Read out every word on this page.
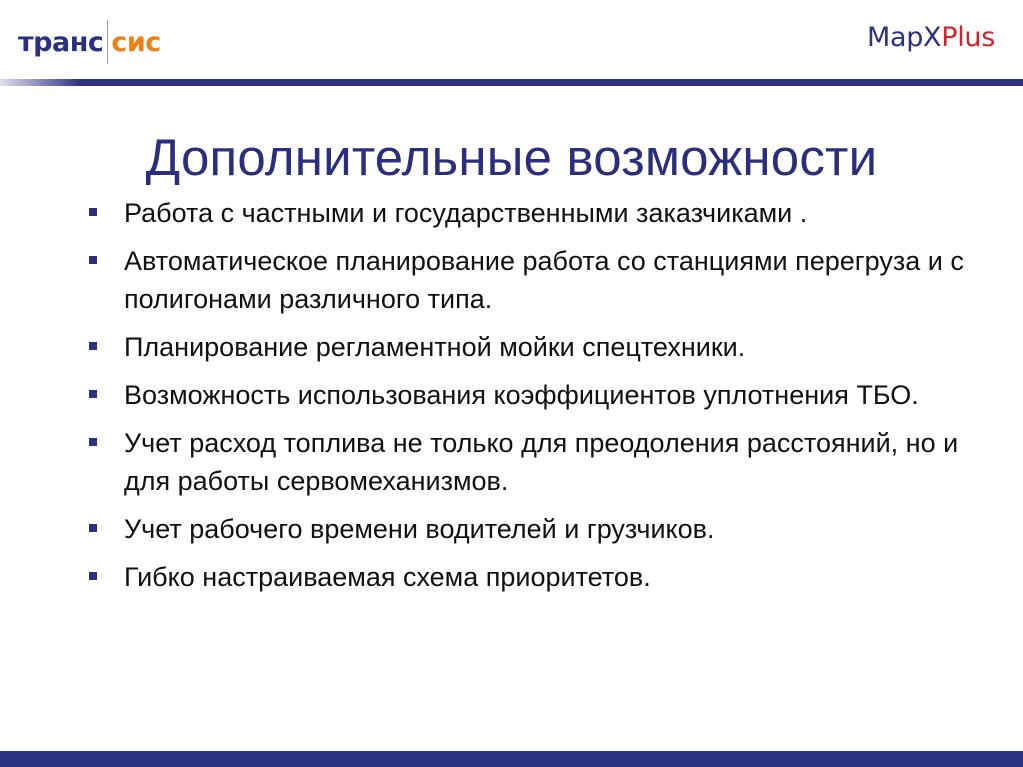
транс сис	MapXPlus
Дополнительные возможности
Работа с частными и государственными заказчиками .
Автоматическое планирование работа со станциями перегруза и с полигонами различного типа.
Планирование регламентной мойки спецтехники.
Возможность использования коэффициентов уплотнения ТБО.
Учет расход топлива не только для преодоления расстояний, но и для работы сервомеханизмов.
Учет рабочего времени водителей и грузчиков.
Гибко настраиваемая схема приоритетов.
